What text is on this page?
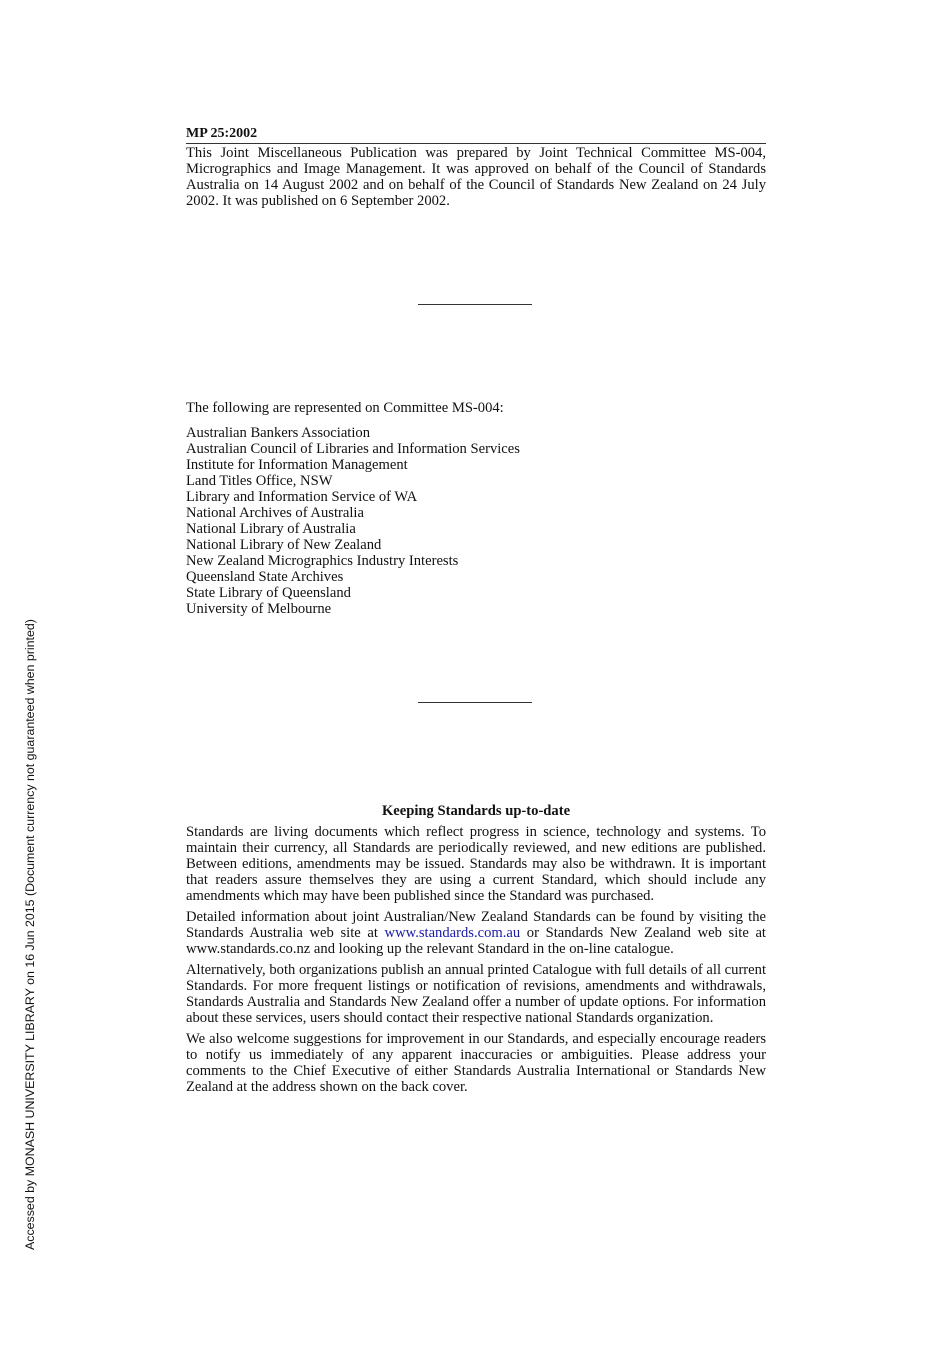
Accessed by MONASH UNIVERSITY LIBRARY on 16 Jun 2015 (Document currency not guaranteed when printed)
MP 25:2002
This Joint Miscellaneous Publication was prepared by Joint Technical Committee MS-004, Micrographics and Image Management. It was approved on behalf of the Council of Standards Australia on 14 August 2002 and on behalf of the Council of Standards New Zealand on 24 July 2002. It was published on 6 September 2002.
The following are represented on Committee MS-004:
Australian Bankers Association
Australian Council of Libraries and Information Services
Institute for Information Management
Land Titles Office, NSW
Library and Information Service of WA
National Archives of Australia
National Library of Australia
National Library of New Zealand
New Zealand Micrographics Industry Interests
Queensland State Archives
State Library of Queensland
University of Melbourne
Keeping Standards up-to-date

Standards are living documents which reflect progress in science, technology and systems. To maintain their currency, all Standards are periodically reviewed, and new editions are published. Between editions, amendments may be issued. Standards may also be withdrawn. It is important that readers assure themselves they are using a current Standard, which should include any amendments which may have been published since the Standard was purchased.

Detailed information about joint Australian/New Zealand Standards can be found by visiting the Standards Australia web site at www.standards.com.au or Standards New Zealand web site at www.standards.co.nz and looking up the relevant Standard in the on-line catalogue.

Alternatively, both organizations publish an annual printed Catalogue with full details of all current Standards. For more frequent listings or notification of revisions, amendments and withdrawals, Standards Australia and Standards New Zealand offer a number of update options. For information about these services, users should contact their respective national Standards organization.

We also welcome suggestions for improvement in our Standards, and especially encourage readers to notify us immediately of any apparent inaccuracies or ambiguities. Please address your comments to the Chief Executive of either Standards Australia International or Standards New Zealand at the address shown on the back cover.
